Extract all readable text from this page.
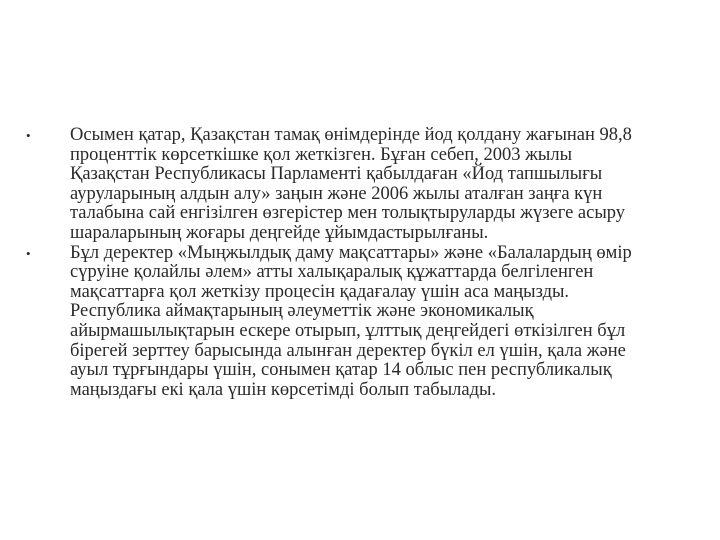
•	Осымен қатар, Қазақстан тамақ өнімдерінде йод қолдану жағынан 98,8
проценттік көрсеткішке қол жеткізген. Бұған себеп, 2003 жылы
Қазақстан Республикасы Парламенті қабылдаған «Йод тапшылығы
ауруларының алдын алу» заңын және 2006 жылы аталған заңға күн
талабына сай енгізілген өзгерістер мен толықтыруларды жүзеге асыру
шараларының жоғары деңгейде ұйымдастырылғаны.
•	Бұл деректер «Мыңжылдық даму мақсаттары» және «Балалардың өмір
сүруіне қолайлы әлем» атты халықаралық құжаттарда белгіленген
мақсаттарға қол жеткізу процесін қадағалау үшін аса маңызды.
Республика аймақтарының әлеуметтік және экономикалық
айырмашылықтарын ескере отырып, ұлттық деңгейдегі өткізілген бұл
бірегей зерттеу барысында алынған деректер бүкіл ел үшін, қала және
ауыл тұрғындары үшін, сонымен қатар 14 облыс пен республикалық
маңыздағы екі қала үшін көрсетімді болып табылады.
